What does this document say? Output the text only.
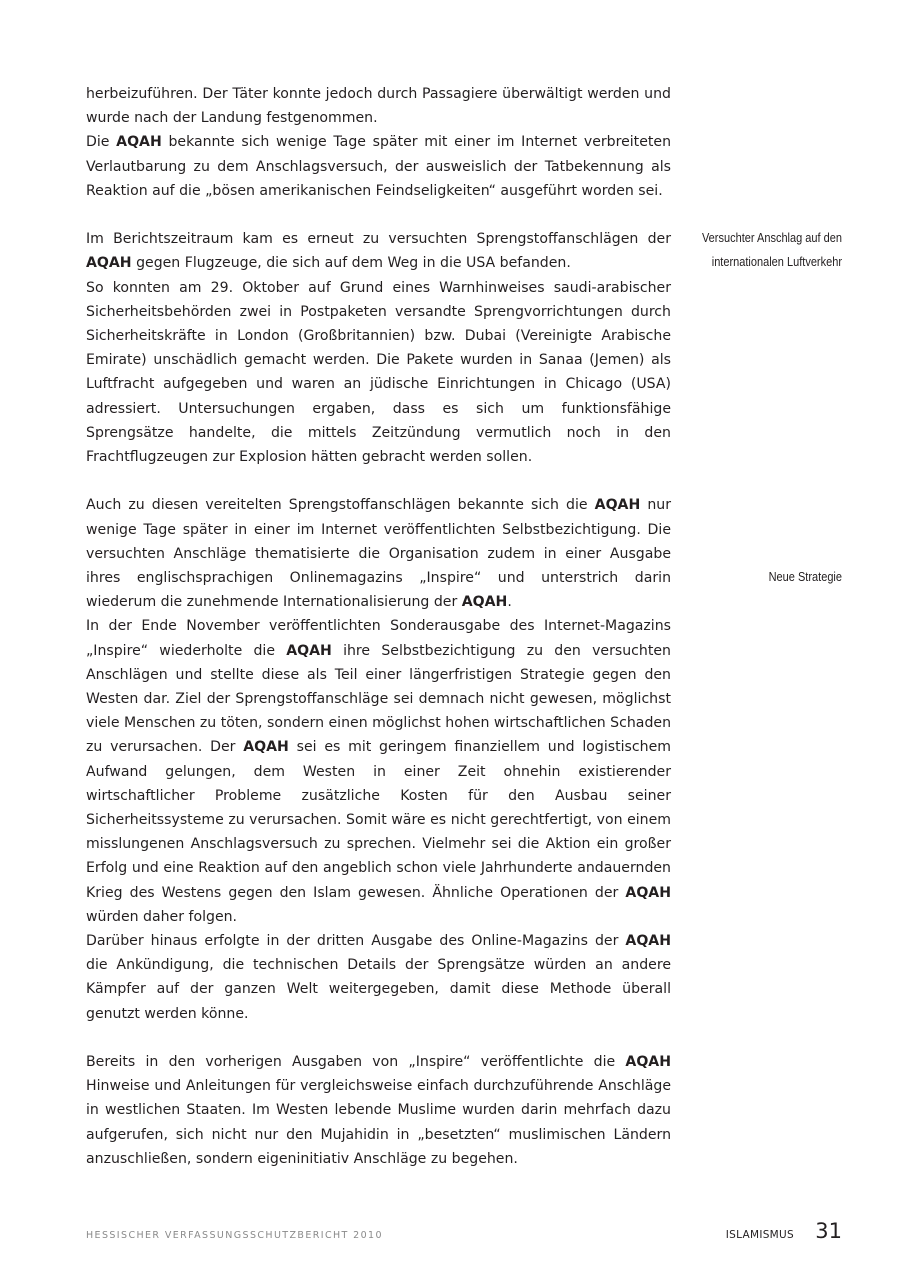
herbeizuführen. Der Täter konnte jedoch durch Passagiere überwältigt werden und wurde nach der Landung festgenommen.

Die AQAH bekannte sich wenige Tage später mit einer im Internet verbreiteten Verlautbarung zu dem Anschlagsversuch, der ausweislich der Tatbekennung als Reaktion auf die „bösen amerikanischen Feindseligkeiten“ ausgeführt worden sei.

Im Berichtszeitraum kam es erneut zu versuchten Sprengstoffanschlägen der AQAH gegen Flugzeuge, die sich auf dem Weg in die USA befanden.

So konnten am 29. Oktober auf Grund eines Warnhinweises saudi-arabischer Sicherheitsbehörden zwei in Postpaketen versandte Sprengvorrichtungen durch Sicherheitskräfte in London (Großbritannien) bzw. Dubai (Vereinigte Arabische Emirate) unschädlich gemacht werden. Die Pakete wurden in Sanaa (Jemen) als Luftfracht aufgegeben und waren an jüdische Einrichtungen in Chicago (USA) adressiert. Untersuchungen ergaben, dass es sich um funktionsfähige Sprengsätze handelte, die mittels Zeitzündung vermutlich noch in den Frachtflugzeugen zur Explosion hätten gebracht werden sollen.

Auch zu diesen vereitelten Sprengstoffanschlägen bekannte sich die AQAH nur wenige Tage später in einer im Internet veröffentlichten Selbstbezichtigung. Die versuchten Anschläge thematisierte die Organisation zudem in einer Ausgabe ihres englischsprachigen Onlinemagazins „Inspire“ und unterstrich darin wiederum die zunehmende Internationalisierung der AQAH.

In der Ende November veröffentlichten Sonderausgabe des Internet-Magazins „Inspire“ wiederholte die AQAH ihre Selbstbezichtigung zu den versuchten Anschlägen und stellte diese als Teil einer längerfristigen Strategie gegen den Westen dar. Ziel der Sprengstoffanschläge sei demnach nicht gewesen, möglichst viele Menschen zu töten, sondern einen möglichst hohen wirtschaftlichen Schaden zu verursachen. Der AQAH sei es mit geringem finanziellem und logistischem Aufwand gelungen, dem Westen in einer Zeit ohnehin existierender wirtschaftlicher Probleme zusätzliche Kosten für den Ausbau seiner Sicherheitssysteme zu verursachen. Somit wäre es nicht gerechtfertigt, von einem misslungenen Anschlagsversuch zu sprechen. Vielmehr sei die Aktion ein großer Erfolg und eine Reaktion auf den angeblich schon viele Jahrhunderte andauernden Krieg des Westens gegen den Islam gewesen. Ähnliche Operationen der AQAH würden daher folgen.

Darüber hinaus erfolgte in der dritten Ausgabe des Online-Magazins der AQAH die Ankündigung, die technischen Details der Sprengsätze würden an andere Kämpfer auf der ganzen Welt weitergegeben, damit diese Methode überall genutzt werden könne.

Bereits in den vorherigen Ausgaben von „Inspire“ veröffentlichte die AQAH Hinweise und Anleitungen für vergleichsweise einfach durchzuführende Anschläge in westlichen Staaten. Im Westen lebende Muslime wurden darin mehrfach dazu aufgerufen, sich nicht nur den Mujahidin in „besetzten“ muslimischen Ländern anzuschließen, sondern eigeninitiativ Anschläge zu begehen.

Versuchter Anschlag auf den
internationalen Luftverkehr
Neue Strategie
HESSISCHER VERFASSUNGSSCHUTZBERICHT 2010	ISLAMISMUS 31
